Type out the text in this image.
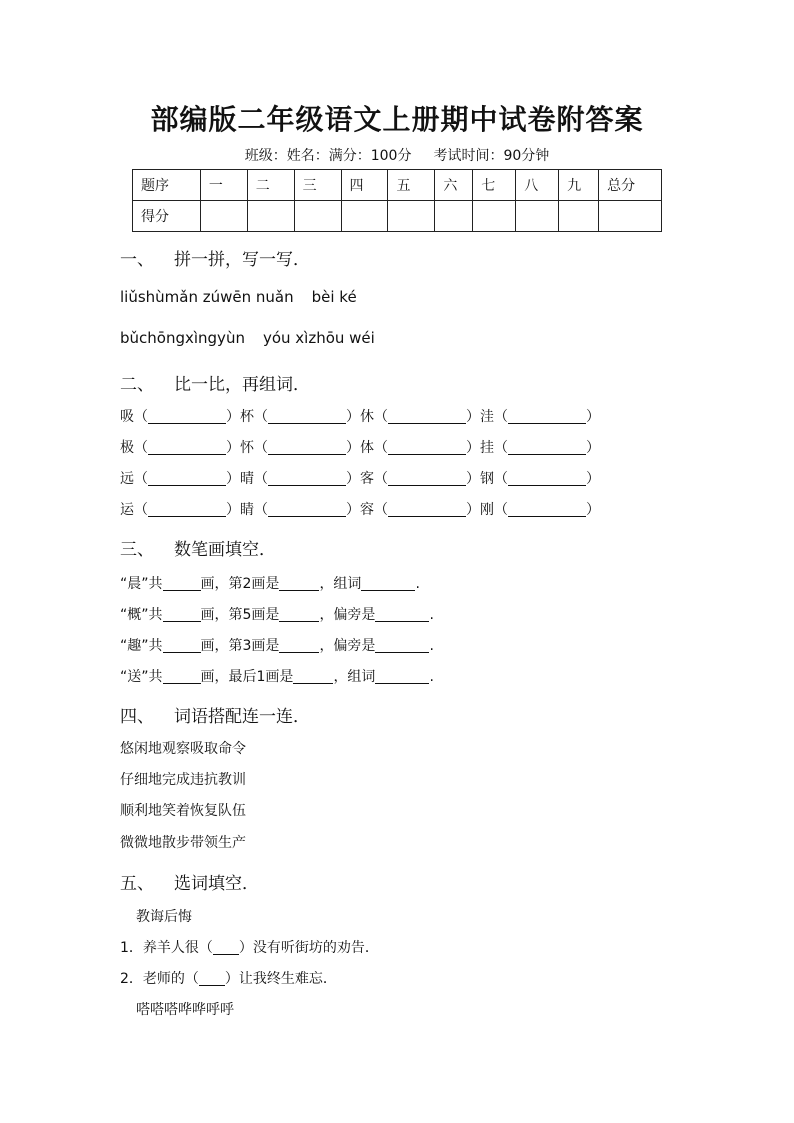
部编版二年级语文上册期中试卷附答案
班级：姓名：满分：100分 考试时间：90分钟
题序	一	二	三	四	五	六	七	八	九	总分
得分										
一、 拼一拼，写一写．
liǔshùmǎn zúwēn nuǎn bèi ké
bǔchōngxìngyùn yóu xìzhōu wéi
二、 比一比，再组词．
吸（	）杯（	）休（	）洼（	）
极（	）怀（	）体（	）挂（	）
远（	）晴（	）客（	）钢（	）
运（	）睛（	）容（	）刚（	）
三、 数笔画填空．
“晨”共	画，第2画是	，组词	.
“概”共	画，第5画是	，偏旁是	.
“趣”共	画，第3画是	，偏旁是	.
“送”共	画，最后1画是	，组词	.
四、 词语搭配连一连．
悠闲地观察吸取命令
仔细地完成违抗教训
顺利地笑着恢复队伍
微微地散步带领生产
五、 选词填空．
教诲后悔
1．养羊人很（ ）没有听街坊的劝告．
2．老师的（ ）让我终生难忘．
嗒嗒嗒哗哗呼呼
